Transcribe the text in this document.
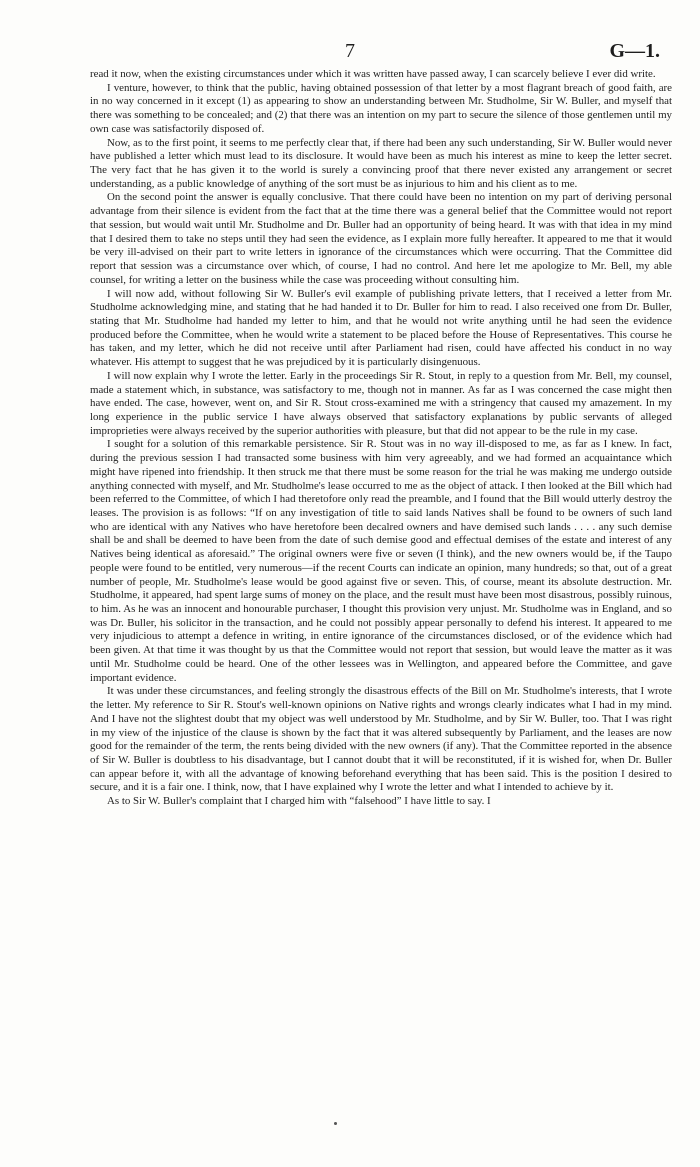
7	G—1.

read it now, when the existing circumstances under which it was written have passed away, I can scarcely believe I ever did write.

I venture, however, to think that the public, having obtained possession of that letter by a most flagrant breach of good faith, are in no way concerned in it except (1) as appearing to show an understanding between Mr. Studholme, Sir W. Buller, and myself that there was something to be concealed; and (2) that there was an intention on my part to secure the silence of those gentlemen until my own case was satisfactorily disposed of.

Now, as to the first point, it seems to me perfectly clear that, if there had been any such understanding, Sir W. Buller would never have published a letter which must lead to its disclosure. It would have been as much his interest as mine to keep the letter secret. The very fact that he has given it to the world is surely a convincing proof that there never existed any arrangement or secret understanding, as a public knowledge of anything of the sort must be as injurious to him and his client as to me.

On the second point the answer is equally conclusive. That there could have been no intention on my part of deriving personal advantage from their silence is evident from the fact that at the time there was a general belief that the Committee would not report that session, but would wait until Mr. Studholme and Dr. Buller had an opportunity of being heard. It was with that idea in my mind that I desired them to take no steps until they had seen the evidence, as I explain more fully hereafter. It appeared to me that it would be very ill-advised on their part to write letters in ignorance of the circumstances which were occurring. That the Committee did report that session was a circumstance over which, of course, I had no control. And here let me apologize to Mr. Bell, my able counsel, for writing a letter on the business while the case was proceeding without consulting him.

I will now add, without following Sir W. Buller's evil example of publishing private letters, that I received a letter from Mr. Studholme acknowledging mine, and stating that he had handed it to Dr. Buller for him to read. I also received one from Dr. Buller, stating that Mr. Studholme had handed my letter to him, and that he would not write anything until he had seen the evidence produced before the Committee, when he would write a statement to be placed before the House of Representatives. This course he has taken, and my letter, which he did not receive until after Parliament had risen, could have affected his conduct in no way whatever. His attempt to suggest that he was prejudiced by it is particularly disingenuous.

I will now explain why I wrote the letter. Early in the proceedings Sir R. Stout, in reply to a question from Mr. Bell, my counsel, made a statement which, in substance, was satisfactory to me, though not in manner. As far as I was concerned the case might then have ended. The case, however, went on, and Sir R. Stout cross-examined me with a stringency that caused my amazement. In my long experience in the public service I have always observed that satisfactory explanations by public servants of alleged improprieties were always received by the superior authorities with pleasure, but that did not appear to be the rule in my case.

I sought for a solution of this remarkable persistence. Sir R. Stout was in no way ill-disposed to me, as far as I knew. In fact, during the previous session I had transacted some business with him very agreeably, and we had formed an acquaintance which might have ripened into friendship. It then struck me that there must be some reason for the trial he was making me undergo outside anything connected with myself, and Mr. Studholme's lease occurred to me as the object of attack. I then looked at the Bill which had been referred to the Committee, of which I had theretofore only read the preamble, and I found that the Bill would utterly destroy the leases. The provision is as follows: “If on any investigation of title to said lands Natives shall be found to be owners of such land who are identical with any Natives who have heretofore been decalred owners and have demised such lands . . . . any such demise shall be and shall be deemed to have been from the date of such demise good and effectual demises of the estate and interest of any Natives being identical as aforesaid.” The original owners were five or seven (I think), and the new owners would be, if the Taupo people were found to be entitled, very numerous—if the recent Courts can indicate an opinion, many hundreds; so that, out of a great number of people, Mr. Studholme's lease would be good against five or seven. This, of course, meant its absolute destruction. Mr. Studholme, it appeared, had spent large sums of money on the place, and the result must have been most disastrous, possibly ruinous, to him. As he was an innocent and honourable purchaser, I thought this provision very unjust. Mr. Studholme was in England, and so was Dr. Buller, his solicitor in the transaction, and he could not possibly appear personally to defend his interest. It appeared to me very injudicious to attempt a defence in writing, in entire ignorance of the circumstances disclosed, or of the evidence which had been given. At that time it was thought by us that the Committee would not report that session, but would leave the matter as it was until Mr. Studholme could be heard. One of the other lessees was in Wellington, and appeared before the Committee, and gave important evidence.

It was under these circumstances, and feeling strongly the disastrous effects of the Bill on Mr. Studholme's interests, that I wrote the letter. My reference to Sir R. Stout's well-known opinions on Native rights and wrongs clearly indicates what I had in my mind. And I have not the slightest doubt that my object was well understood by Mr. Studholme, and by Sir W. Buller, too. That I was right in my view of the injustice of the clause is shown by the fact that it was altered subsequently by Parliament, and the leases are now good for the remainder of the term, the rents being divided with the new owners (if any). That the Committee reported in the absence of Sir W. Buller is doubtless to his disadvantage, but I cannot doubt that it will be reconstituted, if it is wished for, when Dr. Buller can appear before it, with all the advantage of knowing beforehand everything that has been said. This is the position I desired to secure, and it is a fair one. I think, now, that I have explained why I wrote the letter and what I intended to achieve by it.

As to Sir W. Buller's complaint that I charged him with “falsehood” I have little to say. I
